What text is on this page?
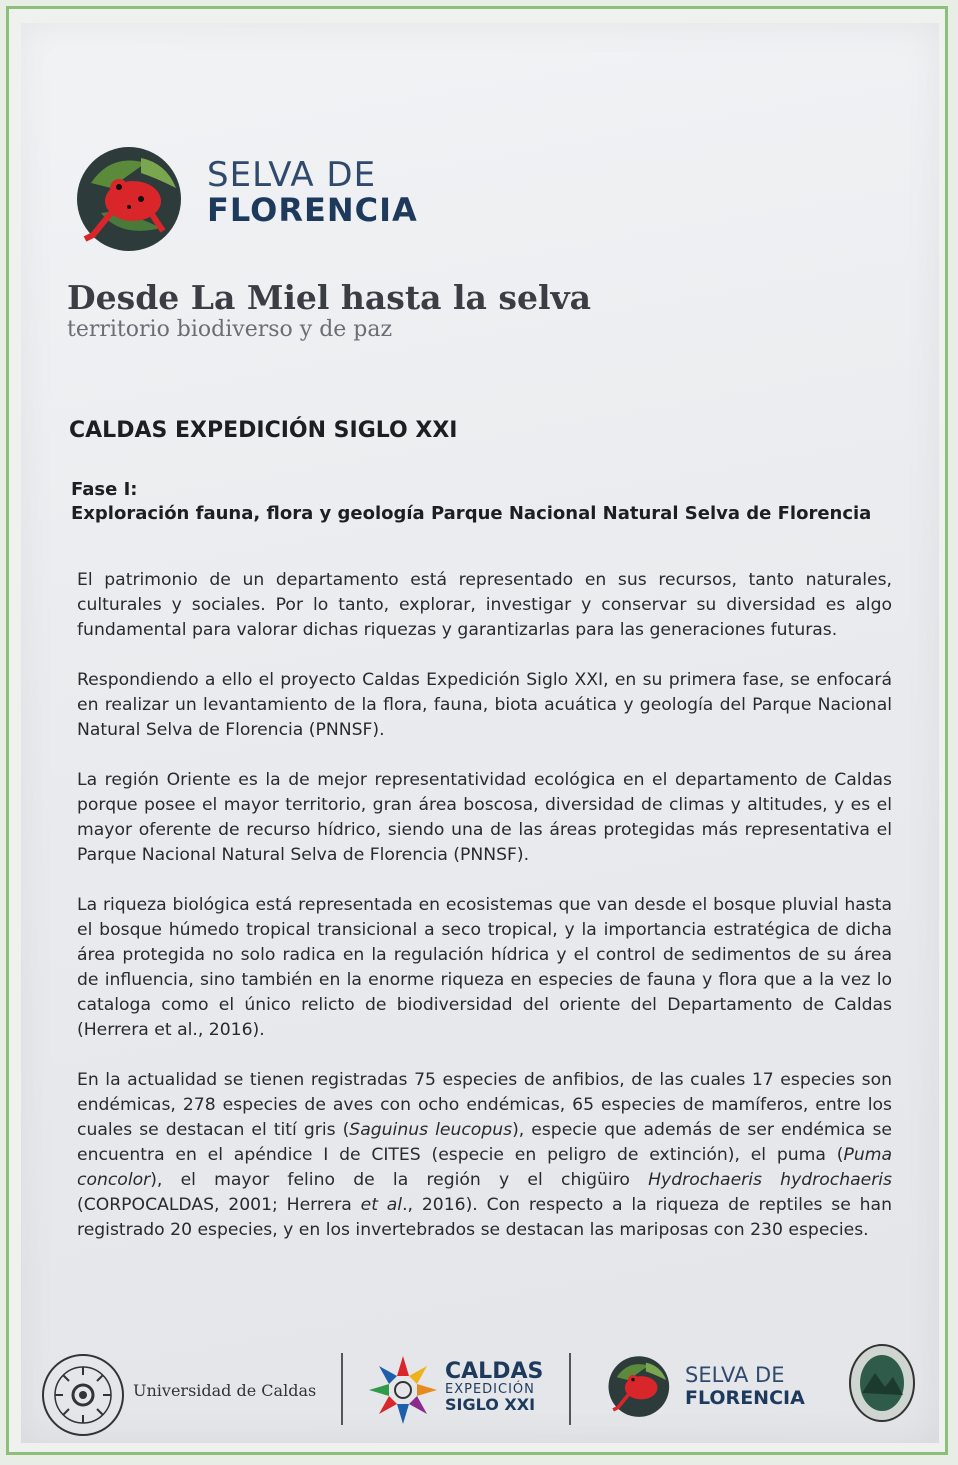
SELVA DE
FLORENCIA
Desde La Miel hasta la selva
territorio biodiverso y de paz
CALDAS EXPEDICIÓN SIGLO XXI
Fase I:
Exploración fauna, flora y geología Parque Nacional Natural Selva de Florencia

El patrimonio de un departamento está representado en sus recursos, tanto naturales, culturales y sociales. Por lo tanto, explorar, investigar y conservar su diversidad es algo fundamental para valorar dichas riquezas y garantizarlas para las generaciones futuras.

Respondiendo a ello el proyecto Caldas Expedición Siglo XXI, en su primera fase, se enfocará en realizar un levantamiento de la flora, fauna, biota acuática y geología del Parque Nacional Natural Selva de Florencia (PNNSF).

La región Oriente es la de mejor representatividad ecológica en el departamento de Caldas porque posee el mayor territorio, gran área boscosa, diversidad de climas y altitudes, y es el mayor oferente de recurso hídrico, siendo una de las áreas protegidas más representativa el Parque Nacional Natural Selva de Florencia (PNNSF).

La riqueza biológica está representada en ecosistemas que van desde el bosque pluvial hasta el bosque húmedo tropical transicional a seco tropical, y la importancia estratégica de dicha área protegida no solo radica en la regulación hídrica y el control de sedimentos de su área de influencia, sino también en la enorme riqueza en especies de fauna y flora que a la vez lo cataloga como el único relicto de biodiversidad del oriente del Departamento de Caldas (Herrera et al., 2016).

En la actualidad se tienen registradas 75 especies de anfibios, de las cuales 17 especies son endémicas, 278 especies de aves con ocho endémicas, 65 especies de mamíferos, entre los cuales se destacan el tití gris (Saguinus leucopus), especie que además de ser endémica se encuentra en el apéndice I de CITES (especie en peligro de extinción), el puma (Puma concolor), el mayor felino de la región y el chigüiro Hydrochaeris hydrochaeris (CORPOCALDAS, 2001; Herrera et al., 2016). Con respecto a la riqueza de reptiles se han registrado 20 especies, y en los invertebrados se destacan las mariposas con 230 especies.

Universidad de Caldas
CALDAS
EXPEDICIÓN
SIGLO XXI
SELVA DE
FLORENCIA
